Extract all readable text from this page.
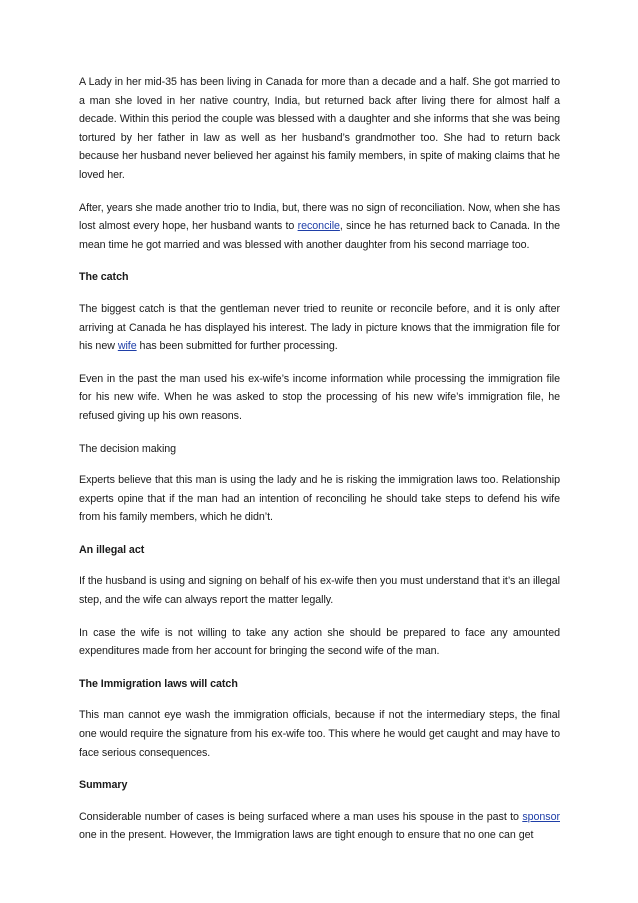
A Lady in her mid-35 has been living in Canada for more than a decade and a half. She got married to a man she loved in her native country, India, but returned back after living there for almost half a decade. Within this period the couple was blessed with a daughter and she informs that she was being tortured by her father in law as well as her husband’s grandmother too. She had to return back because her husband never believed her against his family members, in spite of making claims that he loved her.

After, years she made another trio to India, but, there was no sign of reconciliation. Now, when she has lost almost every hope, her husband wants to reconcile, since he has returned back to Canada. In the mean time he got married and was blessed with another daughter from his second marriage too.

The catch

The biggest catch is that the gentleman never tried to reunite or reconcile before, and it is only after arriving at Canada he has displayed his interest. The lady in picture knows that the immigration file for his new wife has been submitted for further processing.

Even in the past the man used his ex-wife’s income information while processing the immigration file for his new wife. When he was asked to stop the processing of his new wife’s immigration file, he refused giving up his own reasons.

The decision making

Experts believe that this man is using the lady and he is risking the immigration laws too. Relationship experts opine that if the man had an intention of reconciling he should take steps to defend his wife from his family members, which he didn’t.

An illegal act

If the husband is using and signing on behalf of his ex-wife then you must understand that it’s an illegal step, and the wife can always report the matter legally.

In case the wife is not willing to take any action she should be prepared to face any amounted expenditures made from her account for bringing the second wife of the man.

The Immigration laws will catch

This man cannot eye wash the immigration officials, because if not the intermediary steps, the final one would require the signature from his ex-wife too. This where he would get caught and may have to face serious consequences.

Summary

Considerable number of cases is being surfaced where a man uses his spouse in the past to sponsor one in the present. However, the Immigration laws are tight enough to ensure that no one can get
